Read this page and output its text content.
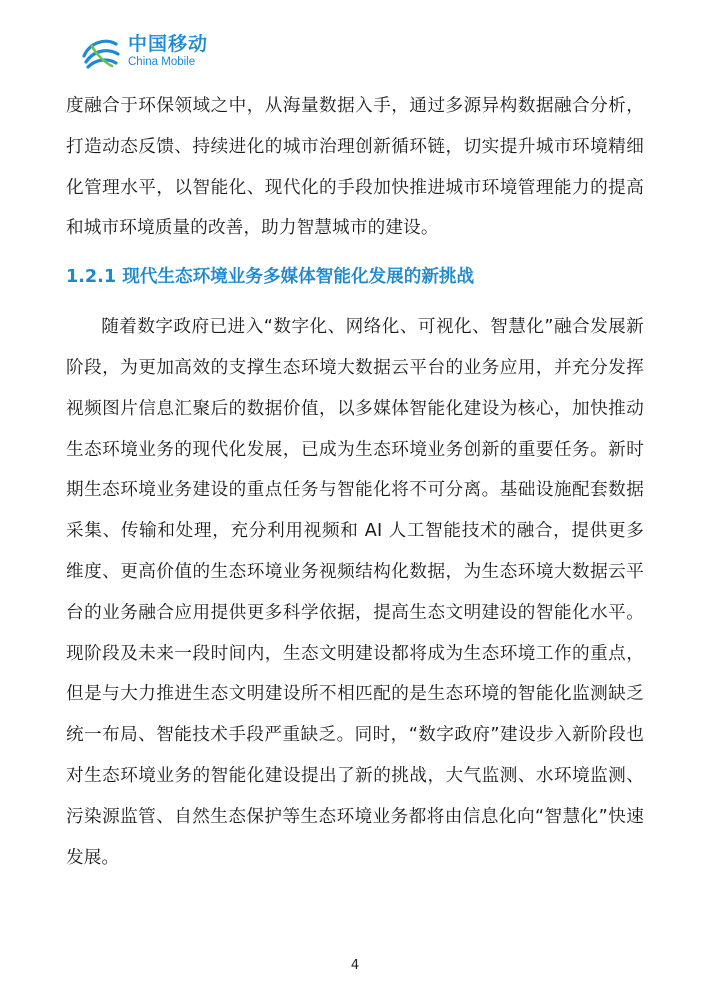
中国移动
China Mobile

度融合于环保领域之中，从海量数据入手，通过多源异构数据融合分析，打造动态反馈、持续进化的城市治理创新循环链，切实提升城市环境精细化管理水平，以智能化、现代化的手段加快推进城市环境管理能力的提高和城市环境质量的改善，助力智慧城市的建设。

1.2.1 现代生态环境业务多媒体智能化发展的新挑战

随着数字政府已进入“数字化、网络化、可视化、智慧化”融合发展新阶段，为更加高效的支撑生态环境大数据云平台的业务应用，并充分发挥视频图片信息汇聚后的数据价值，以多媒体智能化建设为核心，加快推动生态环境业务的现代化发展，已成为生态环境业务创新的重要任务。新时期生态环境业务建设的重点任务与智能化将不可分离。基础设施配套数据采集、传输和处理，充分利用视频和 AI 人工智能技术的融合，提供更多维度、更高价值的生态环境业务视频结构化数据，为生态环境大数据云平台的业务融合应用提供更多科学依据，提高生态文明建设的智能化水平。现阶段及未来一段时间内，生态文明建设都将成为生态环境工作的重点，但是与大力推进生态文明建设所不相匹配的是生态环境的智能化监测缺乏统一布局、智能技术手段严重缺乏。同时，“数字政府”建设步入新阶段也对生态环境业务的智能化建设提出了新的挑战，大气监测、水环境监测、污染源监管、自然生态保护等生态环境业务都将由信息化向“智慧化”快速发展。

4
